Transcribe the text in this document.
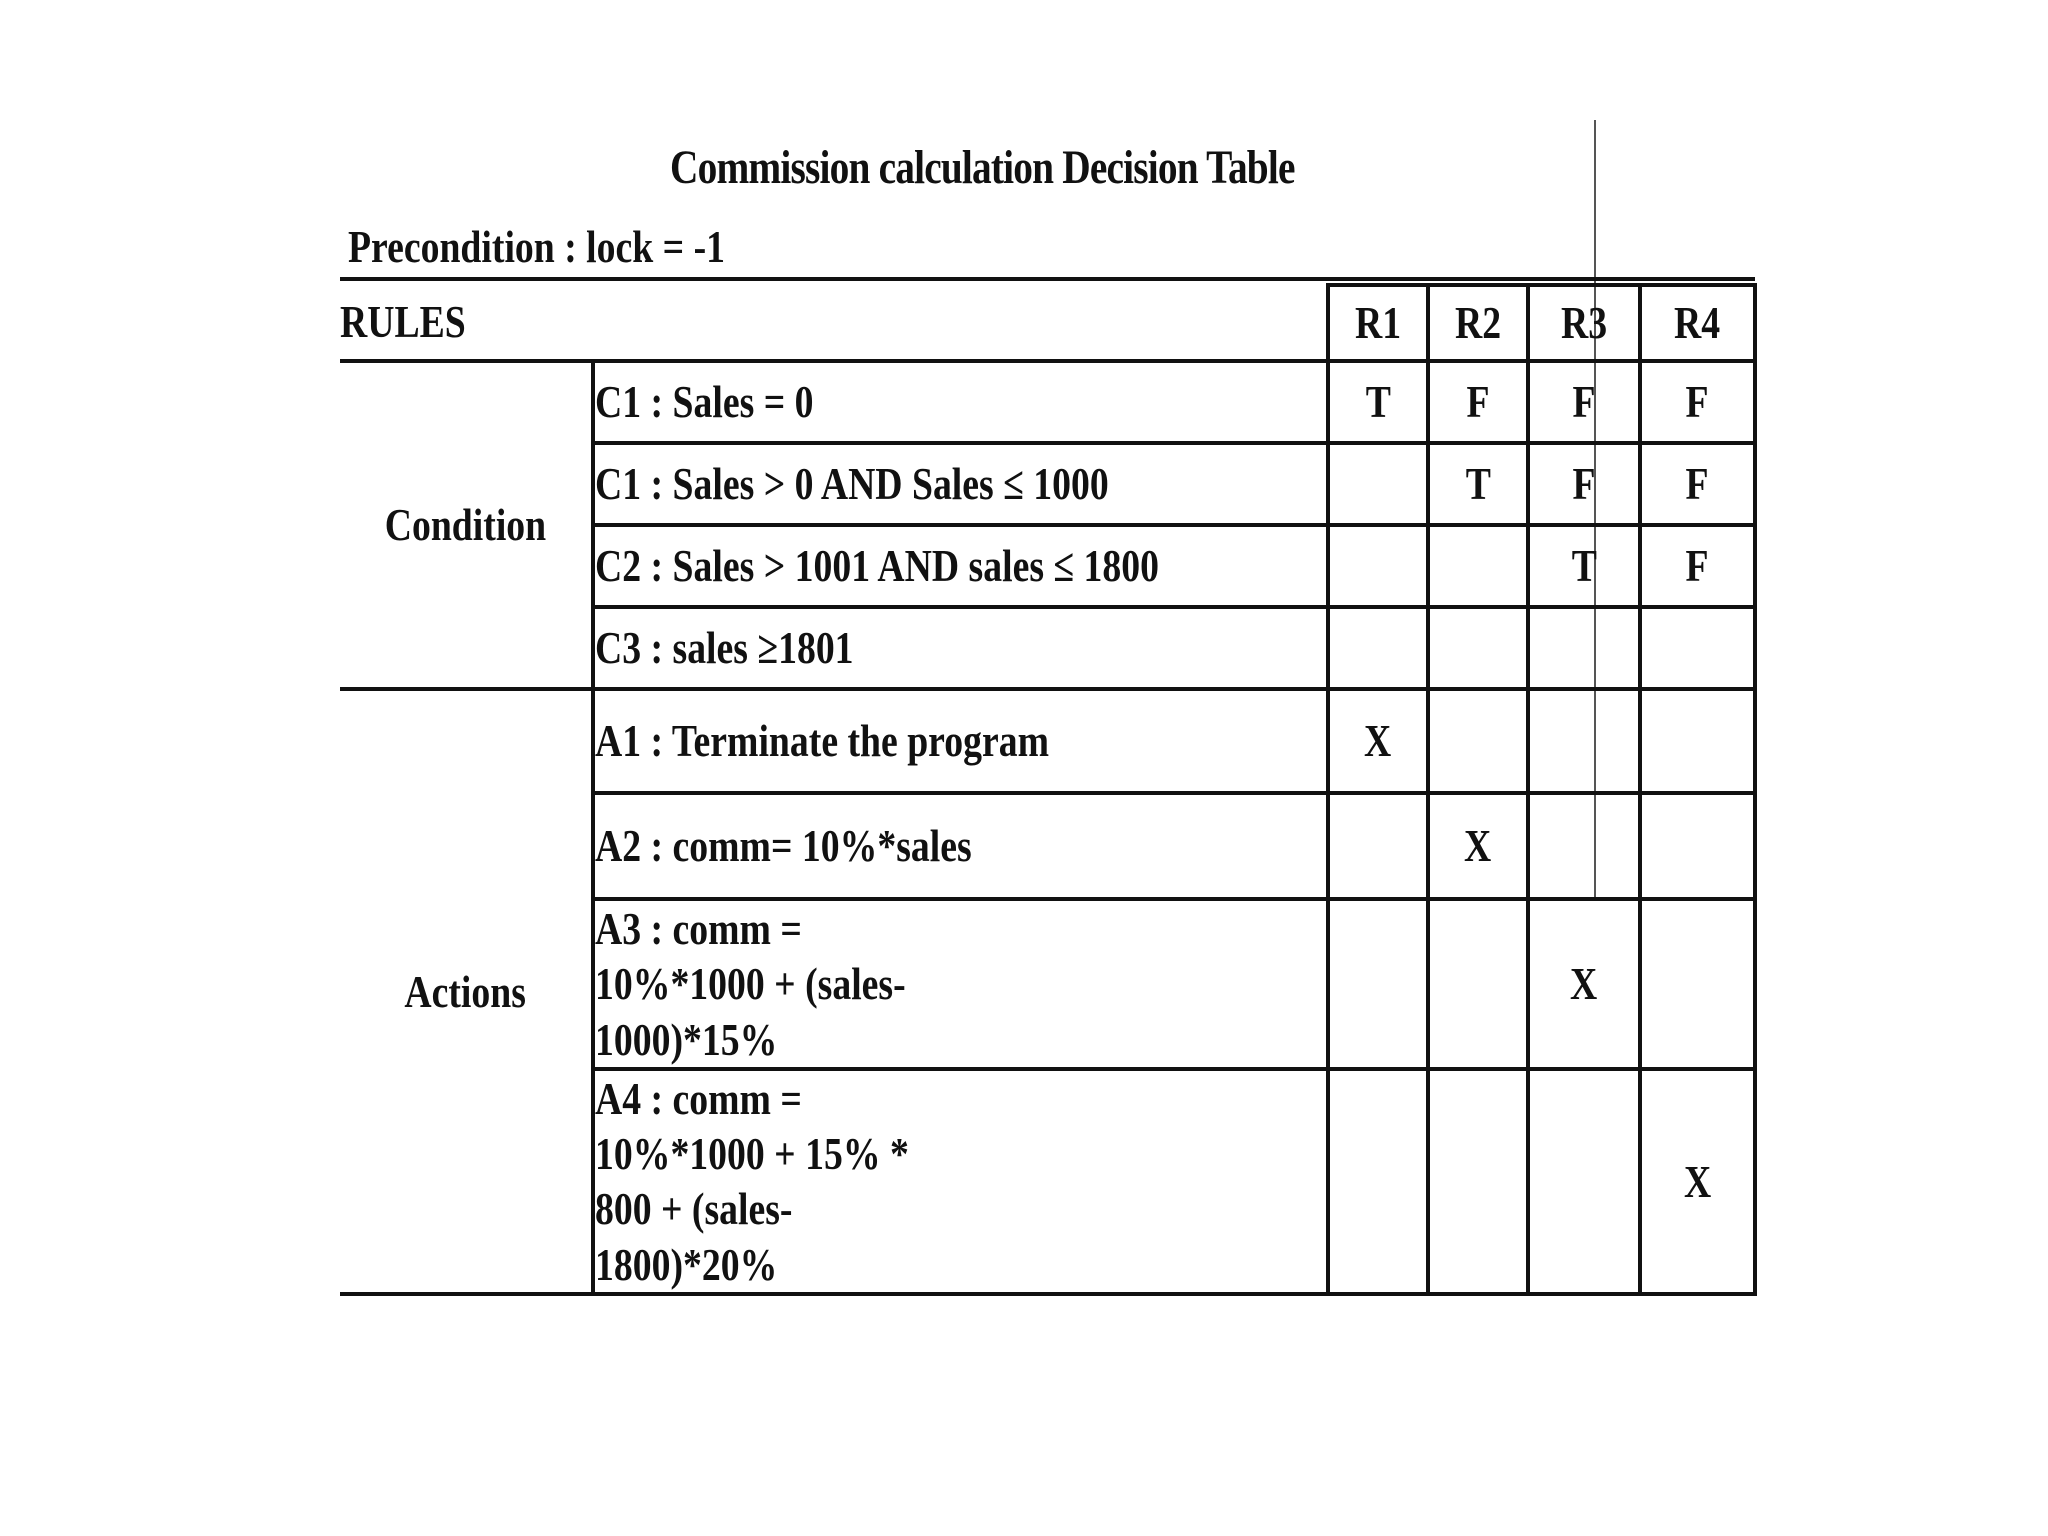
Commission calculation Decision Table
Precondition : lock = -1
RULES		R1	R2	R3	R4
Condition	C1 : Sales = 0	T	F	F	F
	C1 : Sales > 0 AND Sales ≤ 1000		T	F	F
	C2 : Sales > 1001 AND sales ≤ 1800			T	F
	C3 : sales ≥1801				
Actions	A1 : Terminate the program	X			
	A2 : comm= 10%*sales		X		
	A3 : comm = 10%*1000 + (sales-1000)*15%			X	
	A4 : comm = 10%*1000 + 15% * 800 + (sales-1800)*20%				X
